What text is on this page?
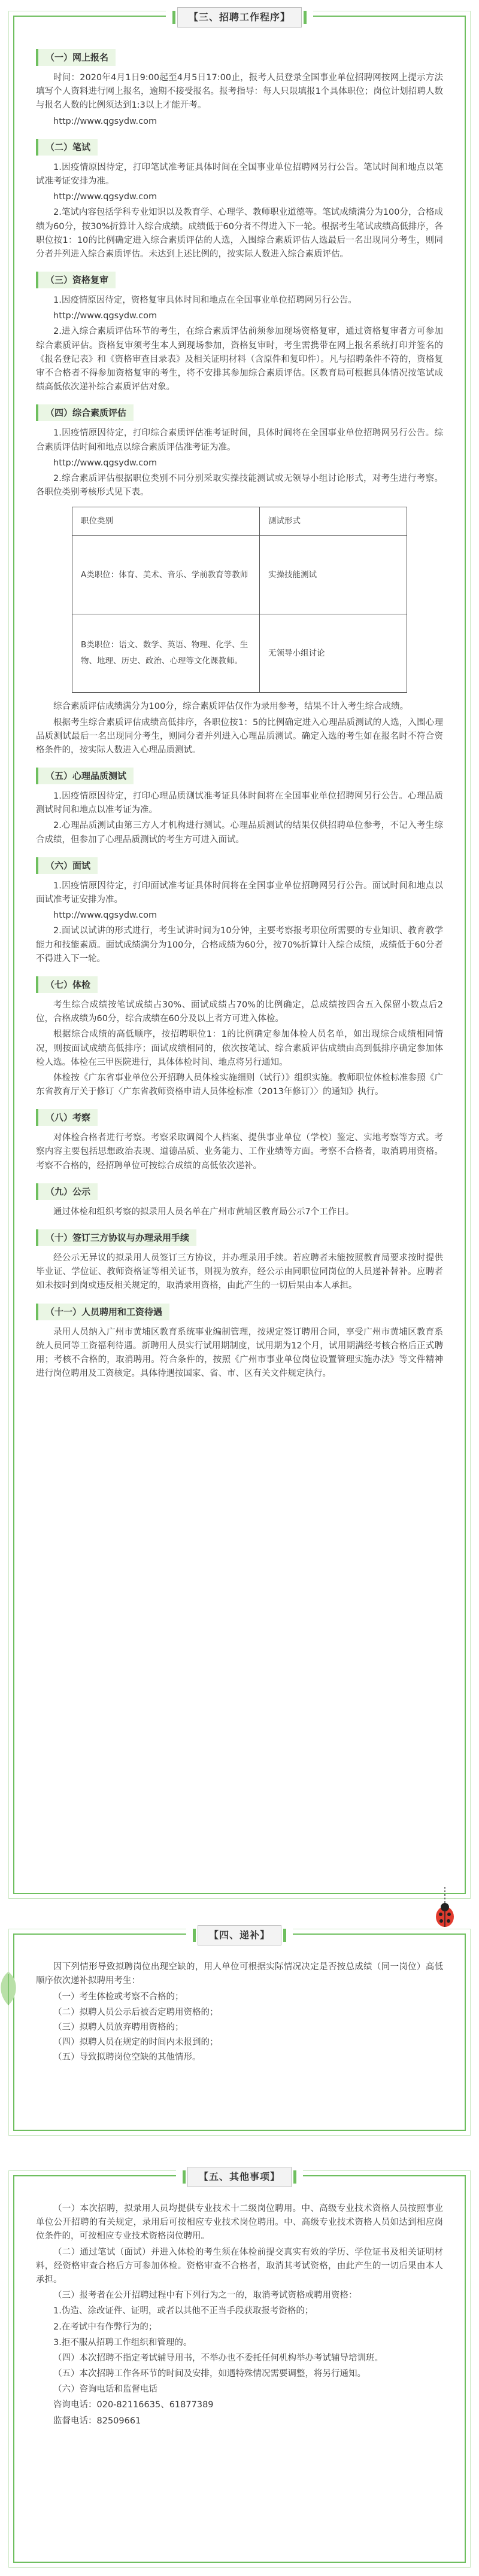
【三、招聘工作程序】
（一）网上报名

时间：2020年4月1日9:00起至4月5日17:00止，报考人员登录全国事业单位招聘网按网上提示方法填写个人资料进行网上报名，逾期不接受报名。报考指导：每人只限填报1个具体职位；岗位计划招聘人数与报名人数的比例须达到1:3以上才能开考。

http://www.qgsydw.com

（二）笔试

1.因疫情原因待定，打印笔试准考证具体时间在全国事业单位招聘网另行公告。笔试时间和地点以笔试准考证安排为准。

http://www.qgsydw.com

2.笔试内容包括学科专业知识以及教育学、心理学、教师职业道德等。笔试成绩满分为100分，合格成绩为60分，按30%折算计入综合成绩。成绩低于60分者不得进入下一轮。根据考生笔试成绩高低排序，各职位按1：10的比例确定进入综合素质评估的人选，入围综合素质评估人选最后一名出现同分考生，则同分者并列进入综合素质评估。未达到上述比例的，按实际人数进入综合素质评估。

（三）资格复审

1.因疫情原因待定，资格复审具体时间和地点在全国事业单位招聘网另行公告。

http://www.qgsydw.com

2.进入综合素质评估环节的考生，在综合素质评估前须参加现场资格复审，通过资格复审者方可参加综合素质评估。资格复审须考生本人到现场参加，资格复审时，考生需携带在网上报名系统打印并签名的《报名登记表》和《资格审查目录表》及相关证明材料（含原件和复印件）。凡与招聘条件不符的，资格复审不合格者不得参加资格复审的考生，将不安排其参加综合素质评估。区教育局可根据具体情况按笔试成绩高低依次递补综合素质评估对象。

（四）综合素质评估

1.因疫情原因待定，打印综合素质评估准考证时间，具体时间将在全国事业单位招聘网另行公告。综合素质评估时间和地点以综合素质评估准考证为准。

http://www.qgsydw.com

2.综合素质评估根据职位类别不同分别采取实操技能测试或无领导小组讨论形式，对考生进行考察。各职位类别考核形式见下表。

职位类别	测试形式
A类职位：体育、美术、音乐、学前教育等教师	实操技能测试
B类职位：语文、数学、英语、物理、化学、生物、地理、历史、政治、心理等文化课教师。	无领导小组讨论

综合素质评估成绩满分为100分，综合素质评估仅作为录用参考，结果不计入考生综合成绩。

根据考生综合素质评估成绩高低排序，各职位按1：5的比例确定进入心理品质测试的人选，入围心理品质测试最后一名出现同分考生，则同分者并列进入心理品质测试。确定入选的考生如在报名时不符合资格条件的，按实际人数进入心理品质测试。

（五）心理品质测试

1.因疫情原因待定，打印心理品质测试准考证具体时间将在全国事业单位招聘网另行公告。心理品质测试时间和地点以准考证为准。

2.心理品质测试由第三方人才机构进行测试。心理品质测试的结果仅供招聘单位参考，不记入考生综合成绩，但参加了心理品质测试的考生方可进入面试。

（六）面试

1.因疫情原因待定，打印面试准考证具体时间将在全国事业单位招聘网另行公告。面试时间和地点以面试准考证安排为准。

http://www.qgsydw.com

2.面试以试讲的形式进行，考生试讲时间为10分钟，主要考察报考职位所需要的专业知识、教育教学能力和技能素质。面试成绩满分为100分，合格成绩为60分，按70%折算计入综合成绩，成绩低于60分者不得进入下一轮。

（七）体检

考生综合成绩按笔试成绩占30%、面试成绩占70%的比例确定，总成绩按四舍五入保留小数点后2位，合格成绩为60分，综合成绩在60分及以上者方可进入体检。

根据综合成绩的高低顺序，按招聘职位1：1的比例确定参加体检人员名单，如出现综合成绩相同情况，则按面试成绩高低排序；面试成绩相同的，依次按笔试、综合素质评估成绩由高到低排序确定参加体检人选。体检在三甲医院进行，具体体检时间、地点将另行通知。

体检按《广东省事业单位公开招聘人员体检实施细则（试行）》组织实施。教师职位体检标准参照《广东省教育厅关于修订〈广东省教师资格申请人员体检标准（2013年修订）〉的通知》执行。

（八）考察

对体检合格者进行考察。考察采取调阅个人档案、提供事业单位（学校）鉴定、实地考察等方式。考察内容主要包括思想政治表现、道德品质、业务能力、工作业绩等方面。考察不合格者，取消聘用资格。考察不合格的，经招聘单位可按综合成绩的高低依次递补。

（九）公示

通过体检和组织考察的拟录用人员名单在广州市黄埔区教育局公示7个工作日。

（十）签订三方协议与办理录用手续

经公示无异议的拟录用人员签订三方协议，并办理录用手续。若应聘者未能按照教育局要求按时提供毕业证、学位证、教师资格证等相关证书，则视为放弃，经公示由同职位同岗位的人员递补替补。应聘者如未按时到岗或违反相关规定的，取消录用资格，由此产生的一切后果由本人承担。

（十一）人员聘用和工资待遇

录用人员纳入广州市黄埔区教育系统事业编制管理，按规定签订聘用合同，享受广州市黄埔区教育系统人员同等工资福利待遇。新聘用人员实行试用期制度，试用期为12个月，试用期满经考核合格后正式聘用；考核不合格的，取消聘用。符合条件的，按照《广州市事业单位岗位设置管理实施办法》等文件精神进行岗位聘用及工资核定。具体待遇按国家、省、市、区有关文件规定执行。

【四、递补】

因下列情形导致拟聘岗位出现空缺的，用人单位可根据实际情况决定是否按总成绩（同一岗位）高低顺序依次递补拟聘用考生：

（一）考生体检或考察不合格的；
（二）拟聘人员公示后被否定聘用资格的；
（三）拟聘人员放弃聘用资格的；
（四）拟聘人员在规定的时间内未报到的；
（五）导致拟聘岗位空缺的其他情形。
【五、其他事项】

（一）本次招聘，拟录用人员均提供专业技术十二级岗位聘用。中、高级专业技术资格人员按照事业单位公开招聘的有关规定，录用后可按相应专业技术岗位聘用。中、高级专业技术资格人员如达到相应岗位条件的，可按相应专业技术资格岗位聘用。

（二）通过笔试（面试）并进入体检的考生须在体检前提交真实有效的学历、学位证书及相关证明材料，经资格审查合格后方可参加体检。资格审查不合格者，取消其考试资格，由此产生的一切后果由本人承担。

（三）报考者在公开招聘过程中有下列行为之一的，取消考试资格或聘用资格：

1.伪造、涂改证件、证明，或者以其他不正当手段获取报考资格的；

2.在考试中有作弊行为的；

3.拒不服从招聘工作组织和管理的。

（四）本次招聘不指定考试辅导用书，不举办也不委托任何机构举办考试辅导培训班。

（五）本次招聘工作各环节的时间及安排，如遇特殊情况需要调整，将另行通知。

（六）咨询电话和监督电话

咨询电话：020-82116635、61877389

监督电话：82509661
